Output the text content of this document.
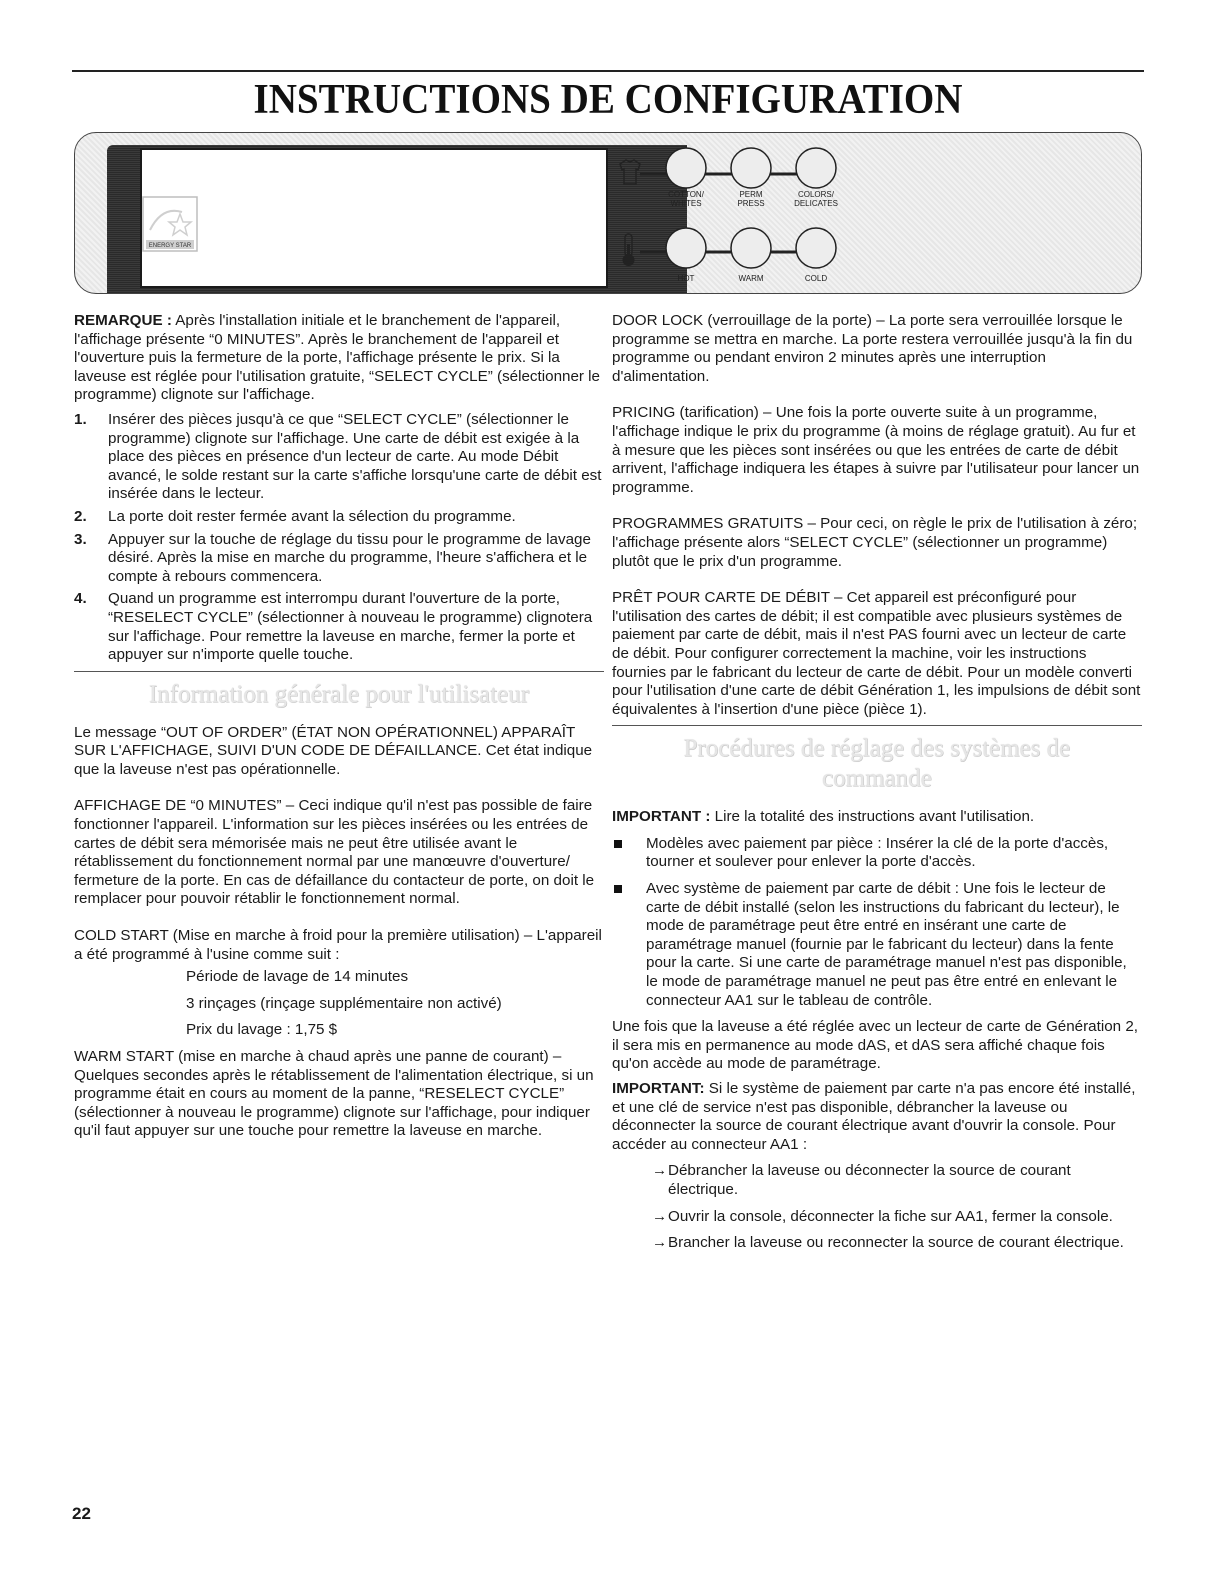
INSTRUCTIONS DE CONFIGURATION
ENERGY STAR
COTTON/
WHITES
PERM
PRESS
COLORS/
DELICATES
HOT	WARM	COLD

REMARQUE : Après l'installation initiale et le branchement de l'appareil, l'affichage présente “0 MINUTES”. Après le branchement de l'appareil et l'ouverture puis la fermeture de la porte, l'affichage présente le prix. Si la laveuse est réglée pour l'utilisation gratuite, “SELECT CYCLE” (sélectionner le programme) clignote sur l'affichage.

1. Insérer des pièces jusqu'à ce que “SELECT CYCLE” (sélectionner le programme) clignote sur l'affichage. Une carte de débit est exigée à la place des pièces en présence d'un lecteur de carte. Au mode Débit avancé, le solde restant sur la carte s'affiche lorsqu'une carte de débit est insérée dans le lecteur.
2. La porte doit rester fermée avant la sélection du programme.
3. Appuyer sur la touche de réglage du tissu pour le programme de lavage désiré. Après la mise en marche du programme, l'heure s'affichera et le compte à rebours commencera.
4. Quand un programme est interrompu durant l'ouverture de la porte, “RESELECT CYCLE” (sélectionner à nouveau le programme) clignotera sur l'affichage. Pour remettre la laveuse en marche, fermer la porte et appuyer sur n'importe quelle touche.
Information générale pour l'utilisateur

Le message “OUT OF ORDER” (ÉTAT NON OPÉRATIONNEL) APPARAÎT SUR L'AFFICHAGE, SUIVI D'UN CODE DE DÉFAILLANCE. Cet état indique que la laveuse n'est pas opérationnelle.

AFFICHAGE DE “0 MINUTES” – Ceci indique qu'il n'est pas possible de faire fonctionner l'appareil. L'information sur les pièces insérées ou les entrées de cartes de débit sera mémorisée mais ne peut être utilisée avant le rétablissement du fonctionnement normal par une manœuvre d'ouverture/ fermeture de la porte. En cas de défaillance du contacteur de porte, on doit le remplacer pour pouvoir rétablir le fonctionnement normal.

COLD START (Mise en marche à froid pour la première utilisation) – L'appareil a été programmé à l'usine comme suit :

Période de lavage de 14 minutes

3 rinçages (rinçage supplémentaire non activé)

Prix du lavage : 1,75 $

WARM START (mise en marche à chaud après une panne de courant) – Quelques secondes après le rétablissement de l'alimentation électrique, si un programme était en cours au moment de la panne, “RESELECT CYCLE” (sélectionner à nouveau le programme) clignote sur l'affichage, pour indiquer qu'il faut appuyer sur une touche pour remettre la laveuse en marche.

DOOR LOCK (verrouillage de la porte) – La porte sera verrouillée lorsque le programme se mettra en marche. La porte restera verrouillée jusqu'à la fin du programme ou pendant environ 2 minutes après une interruption d'alimentation.

PRICING (tarification) – Une fois la porte ouverte suite à un programme, l'affichage indique le prix du programme (à moins de réglage gratuit). Au fur et à mesure que les pièces sont insérées ou que les entrées de carte de débit arrivent, l'affichage indiquera les étapes à suivre par l'utilisateur pour lancer un programme.

PROGRAMMES GRATUITS – Pour ceci, on règle le prix de l'utilisation à zéro; l'affichage présente alors “SELECT CYCLE” (sélectionner un programme) plutôt que le prix d'un programme.

PRÊT POUR CARTE DE DÉBIT – Cet appareil est préconfiguré pour l'utilisation des cartes de débit; il est compatible avec plusieurs systèmes de paiement par carte de débit, mais il n'est PAS fourni avec un lecteur de carte de débit. Pour configurer correctement la machine, voir les instructions fournies par le fabricant du lecteur de carte de débit. Pour un modèle converti pour l'utilisation d'une carte de débit Génération 1, les impulsions de débit sont équivalentes à l'insertion d'une pièce (pièce 1).

Procédures de réglage des systèmes de commande

IMPORTANT : Lire la totalité des instructions avant l'utilisation.

Modèles avec paiement par pièce : Insérer la clé de la porte d'accès, tourner et soulever pour enlever la porte d'accès.
Avec système de paiement par carte de débit : Une fois le lecteur de carte de débit installé (selon les instructions du fabricant du lecteur), le mode de paramétrage peut être entré en insérant une carte de paramétrage manuel (fournie par le fabricant du lecteur) dans la fente pour la carte. Si une carte de paramétrage manuel n'est pas disponible, le mode de paramétrage manuel ne peut pas être entré en enlevant le connecteur AA1 sur le tableau de contrôle.

Une fois que la laveuse a été réglée avec un lecteur de carte de Génération 2, il sera mis en permanence au mode dAS, et dAS sera affiché chaque fois qu'on accède au mode de paramétrage.

IMPORTANT: Si le système de paiement par carte n'a pas encore été installé, et une clé de service n'est pas disponible, débrancher la laveuse ou déconnecter la source de courant électrique avant d'ouvrir la console. Pour accéder au connecteur AA1 :

→ Débrancher la laveuse ou déconnecter la source de courant électrique.
→ Ouvrir la console, déconnecter la fiche sur AA1, fermer la console.
→ Brancher la laveuse ou reconnecter la source de courant électrique.
22
